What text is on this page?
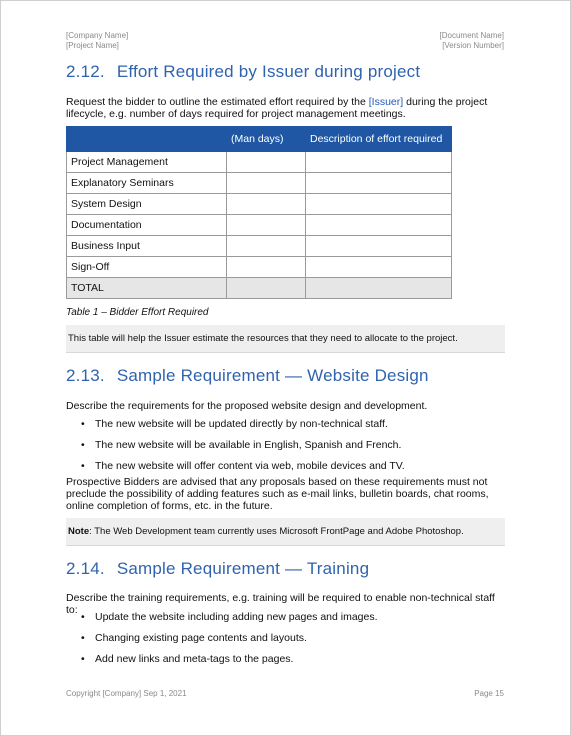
[Company Name]
[Project Name]
[Document Name]
[Version Number]
2.12. Effort Required by Issuer during project

Request the bidder to outline the estimated effort required by the [Issuer] during the project lifecycle, e.g. number of days required for project management meetings.

	(Man days)	Description of effort required
Project Management		
Explanatory Seminars		
System Design		
Documentation		
Business Input		
Sign-Off		
TOTAL		

Table 1 – Bidder Effort Required

This table will help the Issuer estimate the resources that they need to allocate to the project.
2.13. Sample Requirement — Website Design

Describe the requirements for the proposed website design and development.

• The new website will be updated directly by non-technical staff.
• The new website will be available in English, Spanish and French.
• The new website will offer content via web, mobile devices and TV.

Prospective Bidders are advised that any proposals based on these requirements must not preclude the possibility of adding features such as e-mail links, bulletin boards, chat rooms, online completion of forms, etc. in the future.

Note: The Web Development team currently uses Microsoft FrontPage and Adobe Photoshop.
2.14. Sample Requirement — Training

Describe the training requirements, e.g. training will be required to enable non-technical staff to:

• Update the website including adding new pages and images.
• Changing existing page contents and layouts.
• Add new links and meta-tags to the pages.
Copyright [Company] Sep 1, 2021	Page 15
